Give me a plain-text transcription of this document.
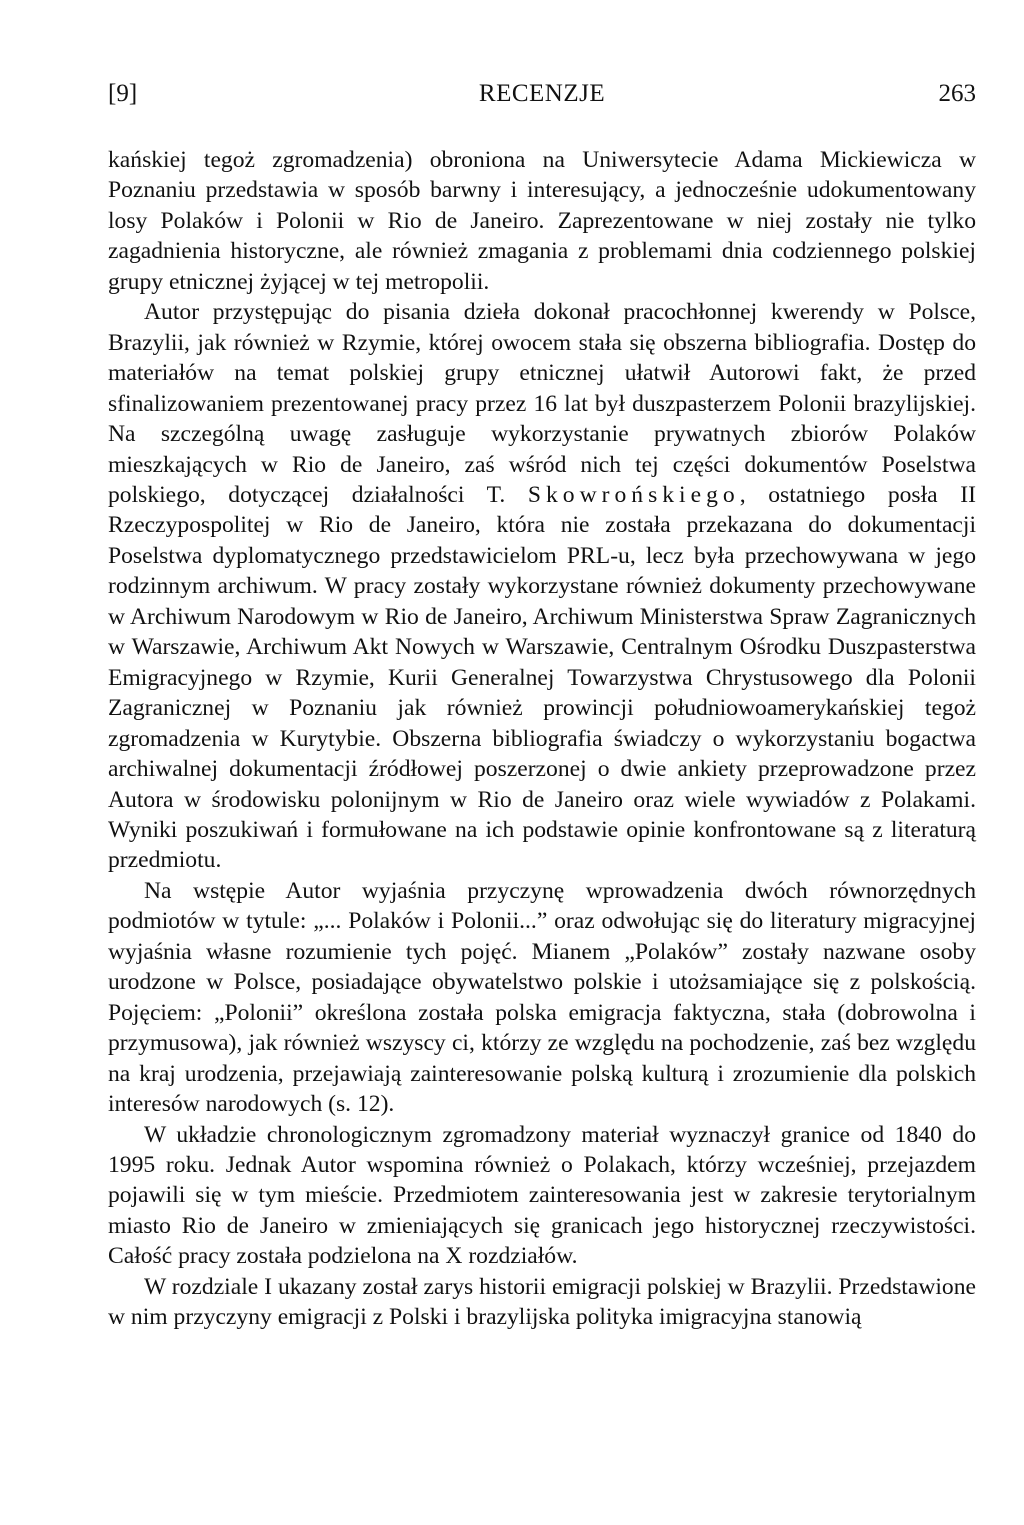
[9]	RECENZJE	263

kańskiej tegoż zgromadzenia) obroniona na Uniwersytecie Adama Mickiewicza w Poznaniu przedstawia w sposób barwny i interesujący, a jednocześnie udokumentowany losy Polaków i Polonii w Rio de Janeiro. Zaprezentowane w niej zostały nie tylko zagadnienia historyczne, ale również zmagania z problemami dnia codziennego polskiej grupy etnicznej żyjącej w tej metropolii.

Autor przystępując do pisania dzieła dokonał pracochłonnej kwerendy w Polsce, Brazylii, jak również w Rzymie, której owocem stała się obszerna bibliografia. Dostęp do materiałów na temat polskiej grupy etnicznej ułatwił Autorowi fakt, że przed sfinalizowaniem prezentowanej pracy przez 16 lat był duszpasterzem Polonii brazylijskiej. Na szczególną uwagę zasługuje wykorzystanie prywatnych zbiorów Polaków mieszkających w Rio de Janeiro, zaś wśród nich tej części dokumentów Poselstwa polskiego, dotyczącej działalności T. Skowrońskiego, ostatniego posła II Rzeczypospolitej w Rio de Janeiro, która nie została przekazana do dokumentacji Poselstwa dyplomatycznego przedstawicielom PRL-u, lecz była przechowywana w jego rodzinnym archiwum. W pracy zostały wykorzystane również dokumenty przechowywane w Archiwum Narodowym w Rio de Janeiro, Archiwum Ministerstwa Spraw Zagranicznych w Warszawie, Archiwum Akt Nowych w Warszawie, Centralnym Ośrodku Duszpasterstwa Emigracyjnego w Rzymie, Kurii Generalnej Towarzystwa Chrystusowego dla Polonii Zagranicznej w Poznaniu jak również prowincji południowoamerykańskiej tegoż zgromadzenia w Kurytybie. Obszerna bibliografia świadczy o wykorzystaniu bogactwa archiwalnej dokumentacji źródłowej poszerzonej o dwie ankiety przeprowadzone przez Autora w środowisku polonijnym w Rio de Janeiro oraz wiele wywiadów z Polakami. Wyniki poszukiwań i formułowane na ich podstawie opinie konfrontowane są z literaturą przedmiotu.

Na wstępie Autor wyjaśnia przyczynę wprowadzenia dwóch równorzędnych podmiotów w tytule: „... Polaków i Polonii...” oraz odwołując się do literatury migracyjnej wyjaśnia własne rozumienie tych pojęć. Mianem „Polaków” zostały nazwane osoby urodzone w Polsce, posiadające obywatelstwo polskie i utożsamiające się z polskością. Pojęciem: „Polonii” określona została polska emigracja faktyczna, stała (dobrowolna i przymusowa), jak również wszyscy ci, którzy ze względu na pochodzenie, zaś bez względu na kraj urodzenia, przejawiają zainteresowanie polską kulturą i zrozumienie dla polskich interesów narodowych (s. 12).

W układzie chronologicznym zgromadzony materiał wyznaczył granice od 1840 do 1995 roku. Jednak Autor wspomina również o Polakach, którzy wcześniej, przejazdem pojawili się w tym mieście. Przedmiotem zainteresowania jest w zakresie terytorialnym miasto Rio de Janeiro w zmieniających się granicach jego historycznej rzeczywistości. Całość pracy została podzielona na X rozdziałów.

W rozdziale I ukazany został zarys historii emigracji polskiej w Brazylii. Przedstawione w nim przyczyny emigracji z Polski i brazylijska polityka imigracyjna stanowią
